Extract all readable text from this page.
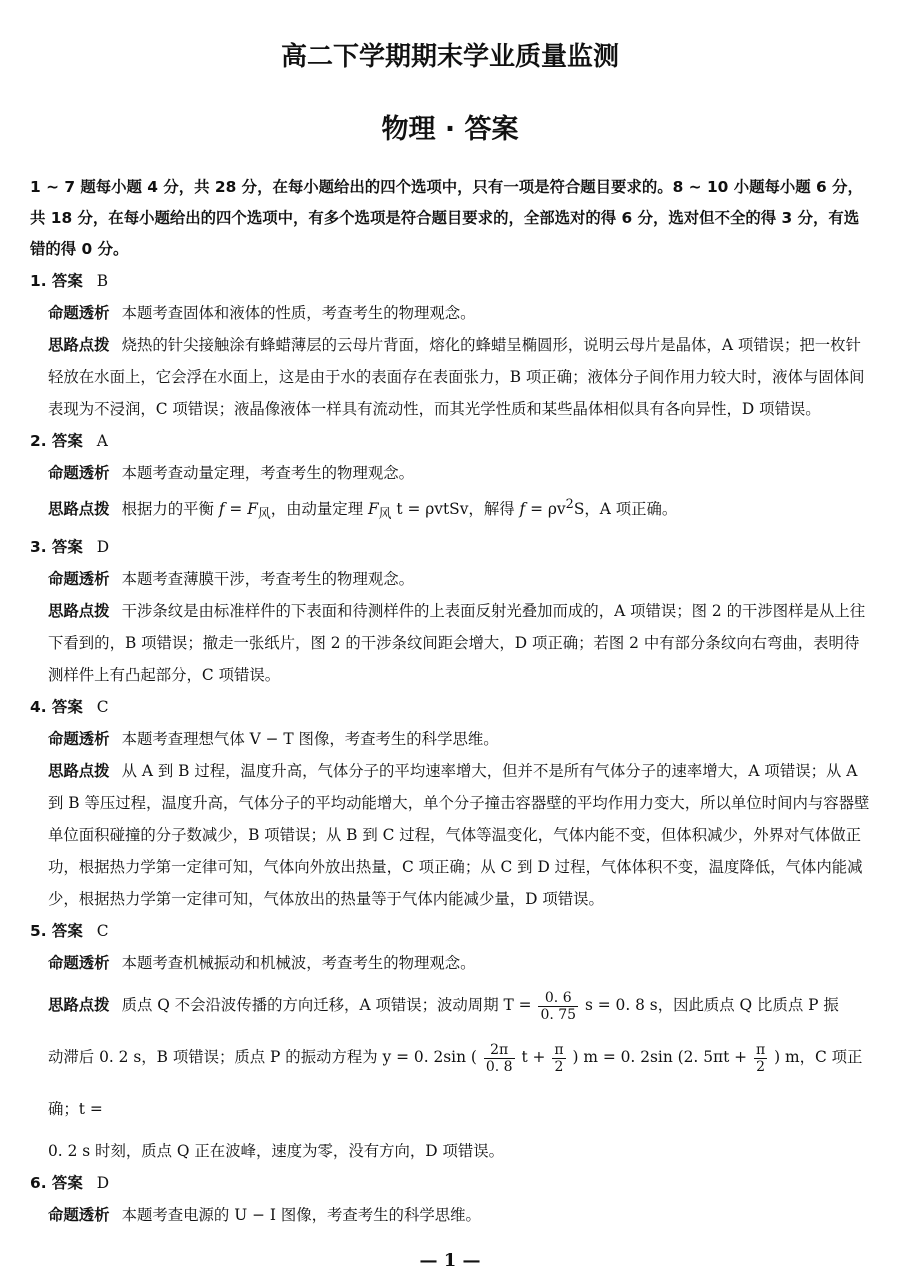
高二下学期期末学业质量监测
物理 · 答案
1 ~ 7 题每小题 4 分，共 28 分，在每小题给出的四个选项中，只有一项是符合题目要求的。8 ~ 10 小题每小题 6 分，共 18 分，在每小题给出的四个选项中，有多个选项是符合题目要求的，全部选对的得 6 分，选对但不全的得 3 分，有选错的得 0 分。
1. 答案 B
命题透析 本题考查固体和液体的性质，考查考生的物理观念。
思路点拨 烧热的针尖接触涂有蜂蜡薄层的云母片背面，熔化的蜂蜡呈椭圆形，说明云母片是晶体，A 项错误；把一枚针轻放在水面上，它会浮在水面上，这是由于水的表面存在表面张力，B 项正确；液体分子间作用力较大时，液体与固体间表现为不浸润，C 项错误；液晶像液体一样具有流动性，而其光学性质和某些晶体相似具有各向异性，D 项错误。
2. 答案 A
命题透析 本题考查动量定理，考查考生的物理观念。
思路点拨 根据力的平衡 $f = F_风$，由动量定理 $F_风$ t = ρvtSv，解得 $f = \rho v^2S$，A 项正确。
3. 答案 D
命题透析 本题考查薄膜干涉，考查考生的物理观念。
思路点拨 干涉条纹是由标准样件的下表面和待测样件的上表面反射光叠加而成的，A 项错误；图 2 的干涉图样是从上往下看到的，B 项错误；撤走一张纸片，图 2 的干涉条纹间距会增大，D 项正确；若图 2 中有部分条纹向右弯曲，表明待测样件上有凸起部分，C 项错误。
4. 答案 C
命题透析 本题考查理想气体 V − T 图像，考查考生的科学思维。
思路点拨 从 A 到 B 过程，温度升高，气体分子的平均速率增大，但并不是所有气体分子的速率增大，A 项错误；从 A 到 B 等压过程，温度升高，气体分子的平均动能增大，单个分子撞击容器壁的平均作用力变大，所以单位时间内与容器壁单位面积碰撞的分子数减少，B 项错误；从 B 到 C 过程，气体等温变化，气体内能不变，但体积减少，外界对气体做正功，根据热力学第一定律可知，气体向外放出热量，C 项正确；从 C 到 D 过程，气体体积不变，温度降低，气体内能减少，根据热力学第一定律可知，气体放出的热量等于气体内能减少量，D 项错误。
5. 答案 C
命题透析 本题考查机械振动和机械波，考查考生的物理观念。
思路点拨 质点 Q 不会沿波传播的方向迁移，A 项错误；波动周期 $T = \frac{0. 6}{0. 75}$ s = 0. 8 s，因此质点 Q 比质点 P 振
动滞后 0. 2 s，B 项错误；质点 P 的振动方程为 y = 0. 2sin ( $\frac{2\pi}{0. 8}$ $t + \frac{\pi}{2}$ ) m = 0. 2sin (2. $5\pi t + \frac{\pi}{2}$ ) m，C 项正确；t =
0. 2 s 时刻，质点 Q 正在波峰，速度为零，没有方向，D 项错误。
6. 答案 D
命题透析 本题考查电源的 U − I 图像，考查考生的科学思维。
— 1 —
